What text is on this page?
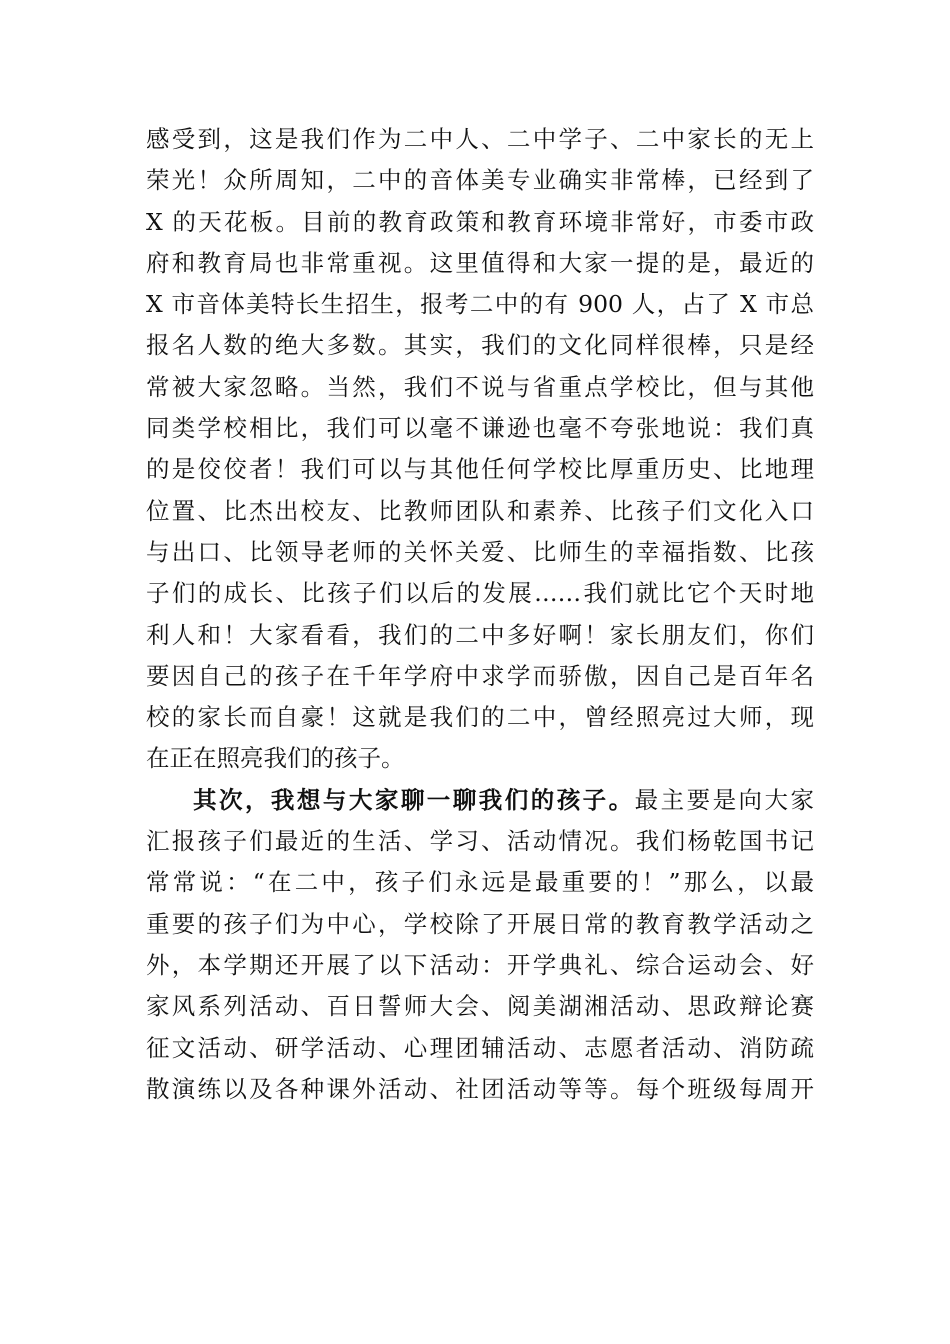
感受到，这是我们作为二中人、二中学子、二中家长的无上
荣光！众所周知，二中的音体美专业确实非常棒，已经到了
X 的天花板。目前的教育政策和教育环境非常好，市委市政
府和教育局也非常重视。这里值得和大家一提的是，最近的
X 市音体美特长生招生，报考二中的有 900 人，占了 X 市总
报名人数的绝大多数。其实，我们的文化同样很棒，只是经
常被大家忽略。当然，我们不说与省重点学校比，但与其他
同类学校相比，我们可以毫不谦逊也毫不夸张地说：我们真
的是佼佼者！我们可以与其他任何学校比厚重历史、比地理
位置、比杰出校友、比教师团队和素养、比孩子们文化入口
与出口、比领导老师的关怀关爱、比师生的幸福指数、比孩
子们的成长、比孩子们以后的发展……我们就比它个天时地
利人和！大家看看，我们的二中多好啊！家长朋友们，你们
要因自己的孩子在千年学府中求学而骄傲，因自己是百年名
校的家长而自豪！这就是我们的二中，曾经照亮过大师，现
在正在照亮我们的孩子。
其次，我想与大家聊一聊我们的孩子。最主要是向大家
汇报孩子们最近的生活、学习、活动情况。我们杨乾国书记
常常说：“在二中，孩子们永远是最重要的！”那么，以最
重要的孩子们为中心，学校除了开展日常的教育教学活动之
外，本学期还开展了以下活动：开学典礼、综合运动会、好
家风系列活动、百日誓师大会、阅美湖湘活动、思政辩论赛
征文活动、研学活动、心理团辅活动、志愿者活动、消防疏
散演练以及各种课外活动、社团活动等等。每个班级每周开
